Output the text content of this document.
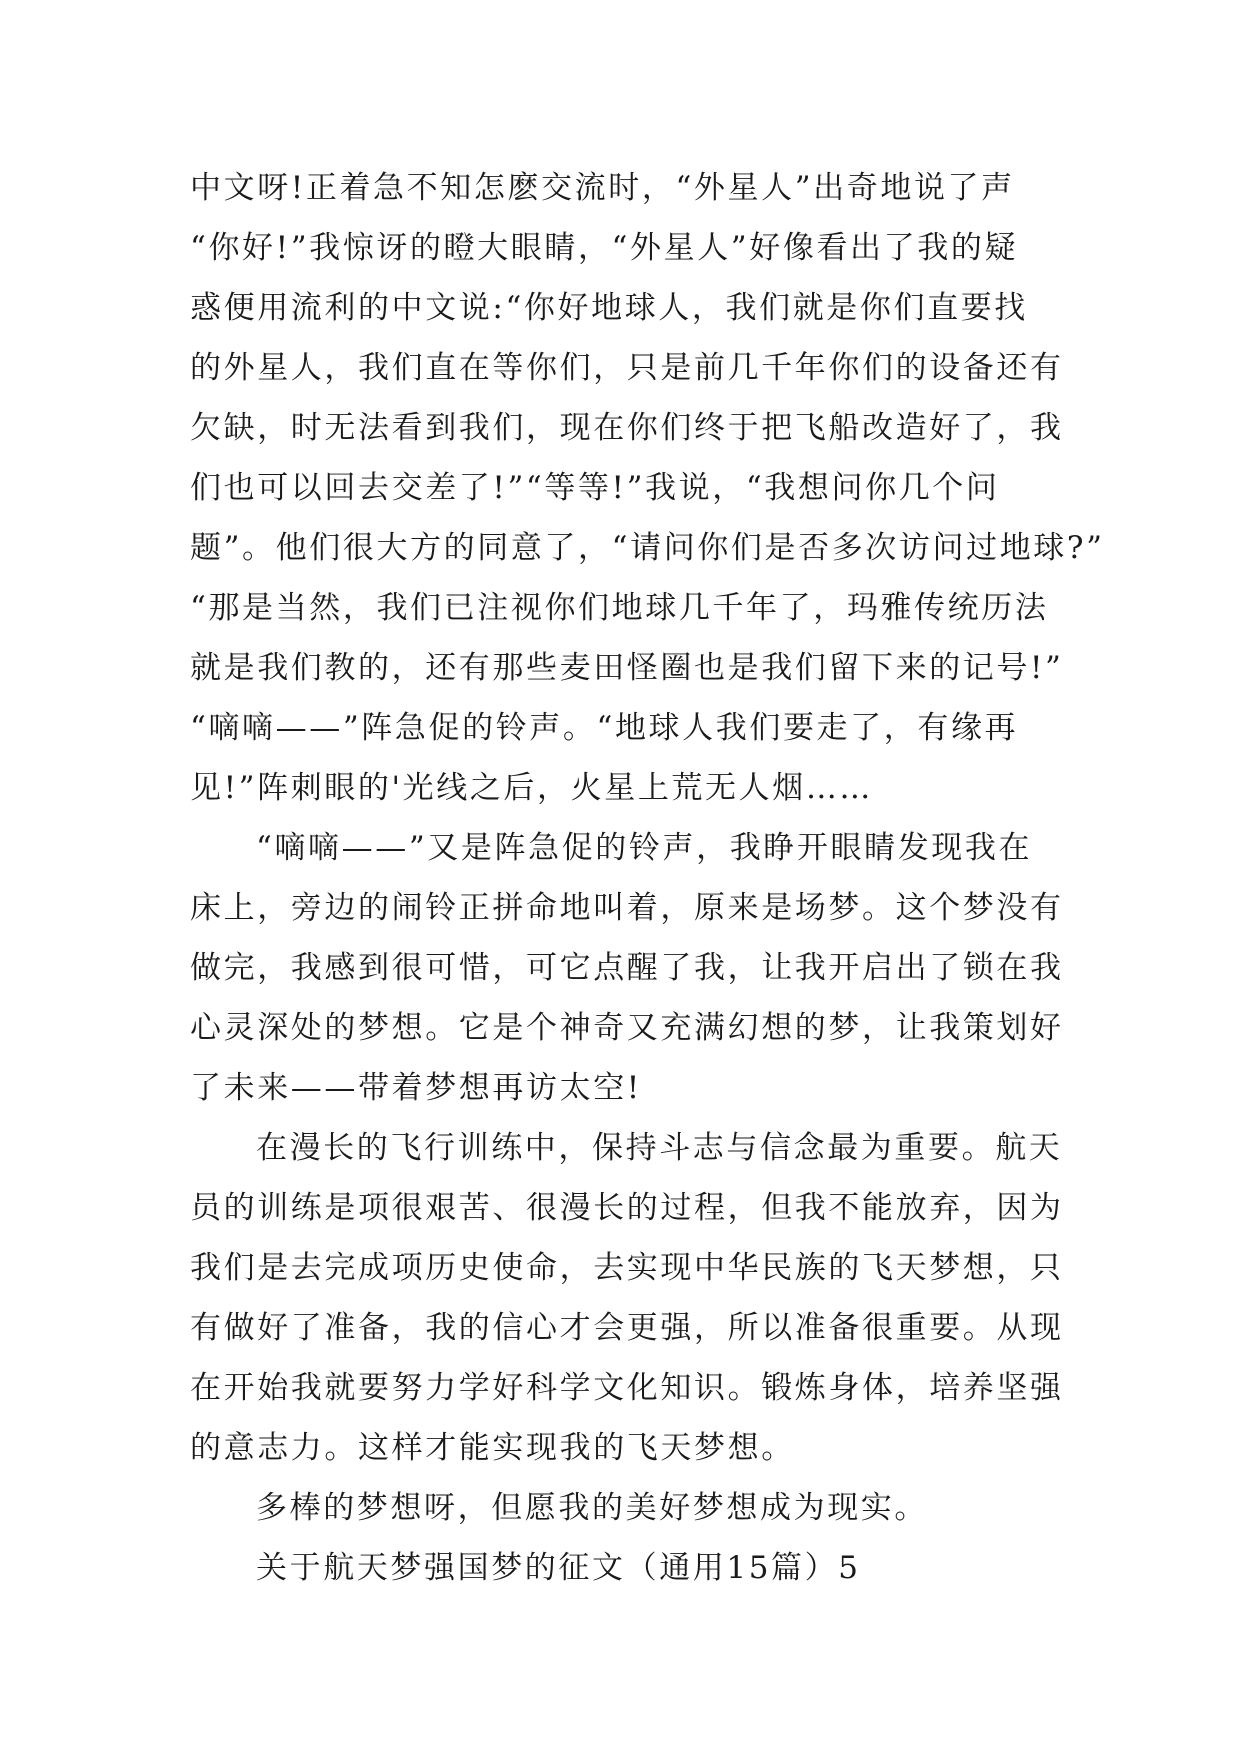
中文呀!正着急不知怎麽交流时，“外星人”出奇地说了声
“你好!”我惊讶的瞪大眼睛，“外星人”好像看出了我的疑
惑便用流利的中文说:“你好地球人，我们就是你们直要找
的外星人，我们直在等你们，只是前几千年你们的设备还有
欠缺，时无法看到我们，现在你们终于把飞船改造好了，我
们也可以回去交差了!”“等等!”我说，“我想问你几个问
题”。他们很大方的同意了，“请问你们是否多次访问过地球?”
“那是当然，我们已注视你们地球几千年了，玛雅传统历法
就是我们教的，还有那些麦田怪圈也是我们留下来的记号!”
“嘀嘀——”阵急促的铃声。“地球人我们要走了，有缘再
见!”阵刺眼的'光线之后，火星上荒无人烟……
“嘀嘀——”又是阵急促的铃声，我睁开眼睛发现我在
床上，旁边的闹铃正拼命地叫着，原来是场梦。这个梦没有
做完，我感到很可惜，可它点醒了我，让我开启出了锁在我
心灵深处的梦想。它是个神奇又充满幻想的梦，让我策划好
了未来——带着梦想再访太空!
在漫长的飞行训练中，保持斗志与信念最为重要。航天
员的训练是项很艰苦、很漫长的过程，但我不能放弃，因为
我们是去完成项历史使命，去实现中华民族的飞天梦想，只
有做好了准备，我的信心才会更强，所以准备很重要。从现
在开始我就要努力学好科学文化知识。锻炼身体，培养坚强
的意志力。这样才能实现我的飞天梦想。
多棒的梦想呀，但愿我的美好梦想成为现实。
关于航天梦强国梦的征文（通用15篇）5
